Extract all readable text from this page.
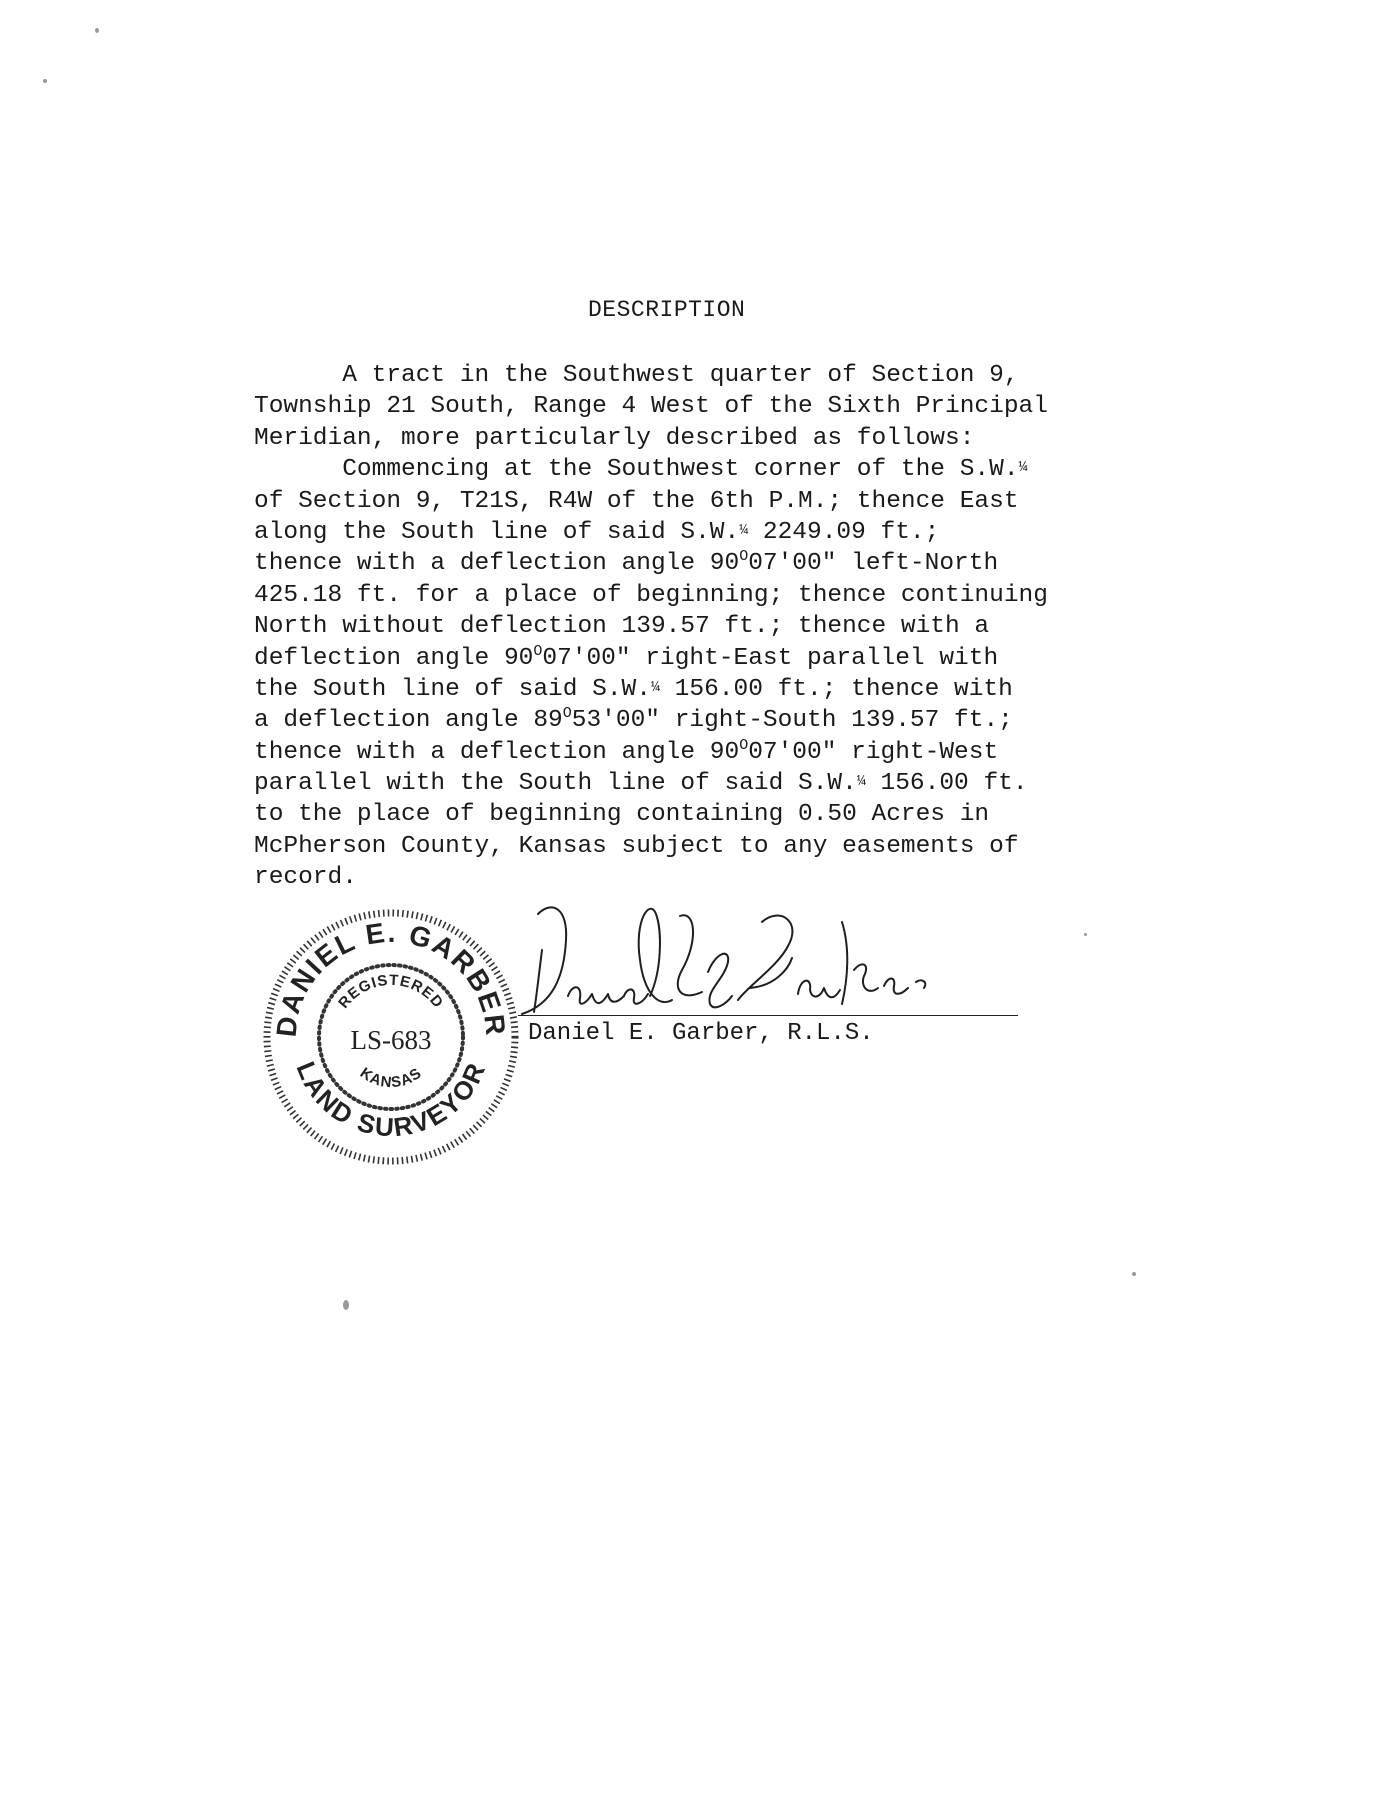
DESCRIPTION
A tract in the Southwest quarter of Section 9,
Township 21 South, Range 4 West of the Sixth Principal
Meridian, more particularly described as follows:
Commencing at the Southwest corner of the S.W.¼
of Section 9, T21S, R4W of the 6th P.M.; thence East
along the South line of said S.W.¼ 2249.09 ft.;
thence with a deflection angle $90^O07'00$" left-North
425.18 ft. for a place of beginning; thence continuing
North without deflection 139.57 ft.; thence with a
deflection angle $90^O07'00$" right-East parallel with
the South line of said S.W.¼ 156.00 ft.; thence with
a deflection angle $89^O53'00$" right-South 139.57 ft.;
thence with a deflection angle $90^O07'00$" right-West
parallel with the South line of said S.W.¼ 156.00 ft.
to the place of beginning containing 0.50 Acres in
McPherson County, Kansas subject to any easements of
record.
DANIEL E. GARBER
REGISTERED
LS-683
KANSAS
LAND SURVEYOR
Daniel E. Garber, R.L.S.
